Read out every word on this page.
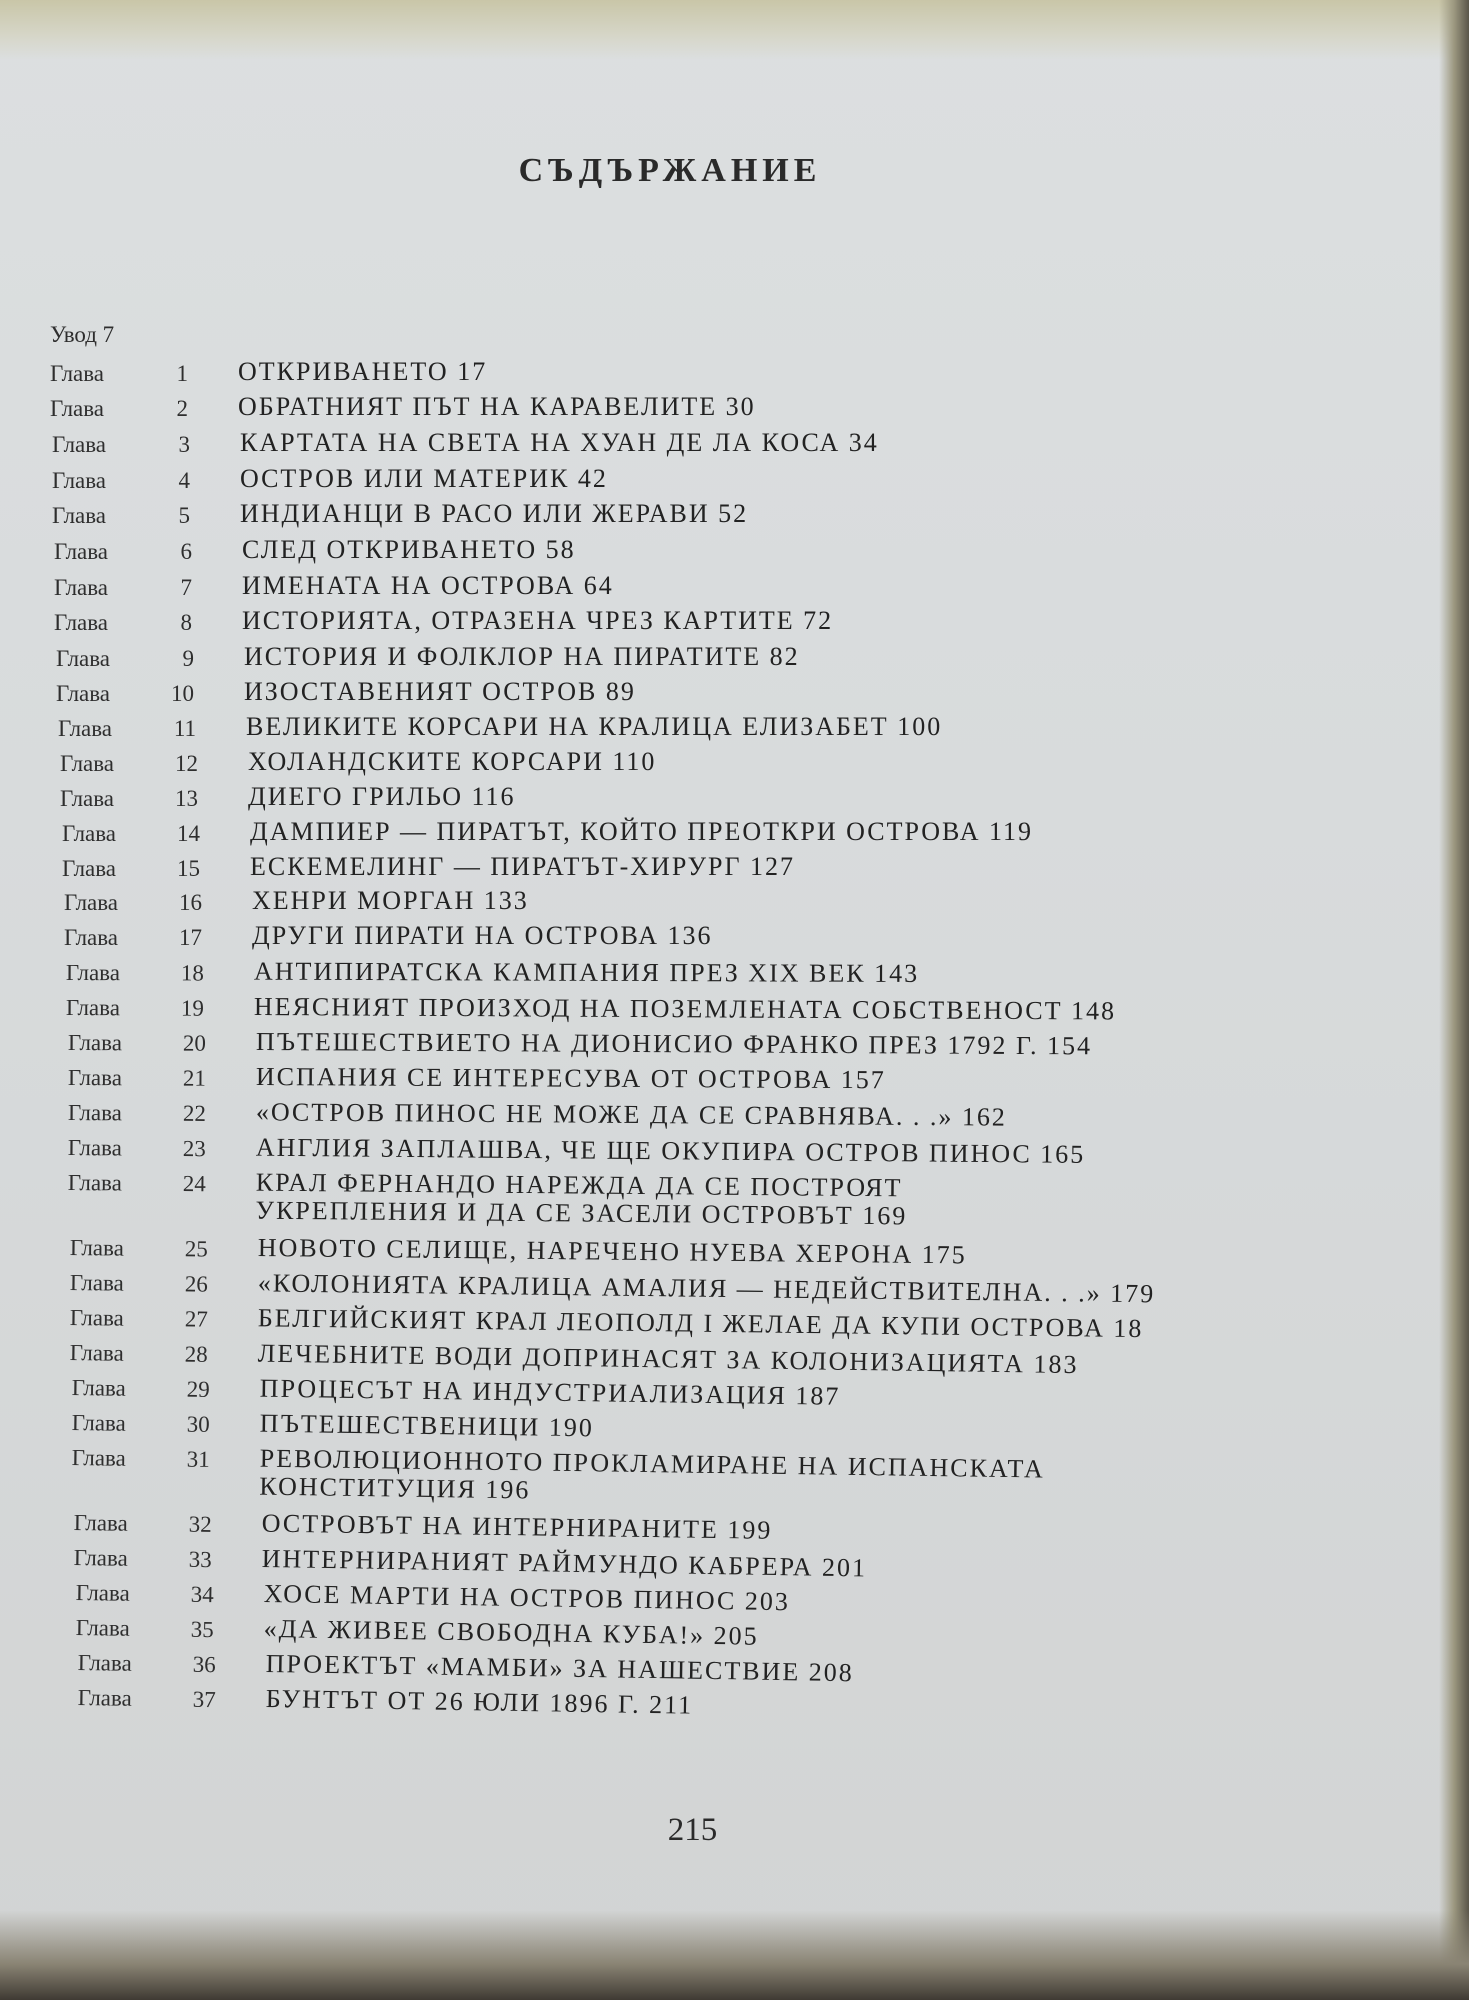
СЪДЪРЖАНИЕ
Увод 7
Глава	1 ОТКРИВАНЕТО 17
Глава	2 ОБРАТНИЯТ ПЪТ НА КАРАВЕЛИТЕ 30
Глава	3 КАРТАТА НА СВЕТА НА ХУАН ДЕ ЛА КОСА 34
Глава	4 ОСТРОВ ИЛИ МАТЕРИК 42
Глава	5 ИНДИАНЦИ В РАСО ИЛИ ЖЕРАВИ 52
Глава	6 СЛЕД ОТКРИВАНЕТО 58
Глава	7 ИМЕНАТА НА ОСТРОВА 64
Глава	8 ИСТОРИЯТА, ОТРАЗЕНА ЧРЕЗ КАРТИТЕ 72
Глава	9 ИСТОРИЯ И ФОЛКЛОР НА ПИРАТИТЕ 82
Глава	10 ИЗОСТАВЕНИЯТ ОСТРОВ 89
Глава	11 ВЕЛИКИТЕ КОРСАРИ НА КРАЛИЦА ЕЛИЗАБЕТ 100
Глава	12 ХОЛАНДСКИТЕ КОРСАРИ 110
Глава	13 ДИЕГО ГРИЛЬО 116
Глава	14 ДАМПИЕР — ПИРАТЪТ, КОЙТО ПРЕОТКРИ ОСТРОВА 119
Глава	15 ЕСКЕМЕЛИНГ — ПИРАТЪТ-ХИРУРГ 127
Глава	16 ХЕНРИ МОРГАН 133
Глава	17 ДРУГИ ПИРАТИ НА ОСТРОВА 136
Глава	18 АНТИПИРАТСКА КАМПАНИЯ ПРЕЗ XIX ВЕК 143
Глава	19 НЕЯСНИЯТ ПРОИЗХОД НА ПОЗЕМЛЕНАТА СОБСТВЕНОСТ 148
Глава	20 ПЪТЕШЕСТВИЕТО НА ДИОНИСИО ФРАНКО ПРЕЗ 1792 Г. 154
Глава	21 ИСПАНИЯ СЕ ИНТЕРЕСУВА ОТ ОСТРОВА 157
Глава	22 «ОСТРОВ ПИНОС НЕ МОЖЕ ДА СЕ СРАВНЯВА. . .» 162
Глава	23 АНГЛИЯ ЗАПЛАШВА, ЧЕ ЩЕ ОКУПИРА ОСТРОВ ПИНОС 165
Глава	24 КРАЛ ФЕРНАНДО НАРЕЖДА ДА СЕ ПОСТРОЯТ
УКРЕПЛЕНИЯ И ДА СЕ ЗАСЕЛИ ОСТРОВЪТ 169
Глава	25 НОВОТО СЕЛИЩЕ, НАРЕЧЕНО НУЕВА ХЕРОНА 175
Глава	26 «КОЛОНИЯТА КРАЛИЦА АМАЛИЯ — НЕДЕЙСТВИТЕЛНА. . .» 179
Глава	27 БЕЛГИЙСКИЯТ КРАЛ ЛЕОПОЛД I ЖЕЛАЕ ДА КУПИ ОСТРОВА 18
Глава	28 ЛЕЧЕБНИТЕ ВОДИ ДОПРИНАСЯТ ЗА КОЛОНИЗАЦИЯТА 183
Глава	29 ПРОЦЕСЪТ НА ИНДУСТРИАЛИЗАЦИЯ 187
Глава	30 ПЪТЕШЕСТВЕНИЦИ 190
Глава	31 РЕВОЛЮЦИОННОТО ПРОКЛАМИРАНЕ НА ИСПАНСКАТА
КОНСТИТУЦИЯ 196
Глава	32 ОСТРОВЪТ НА ИНТЕРНИРАНИТЕ 199
Глава	33 ИНТЕРНИРАНИЯТ РАЙМУНДО КАБРЕРА 201
Глава	34 ХОСЕ МАРТИ НА ОСТРОВ ПИНОС 203
Глава	35 «ДА ЖИВЕЕ СВОБОДНА КУБА!» 205
Глава	36 ПРОЕКТЪТ «МАМБИ» ЗА НАШЕСТВИЕ 208
Глава	37 БУНТЪТ ОТ 26 ЮЛИ 1896 Г. 211
215
